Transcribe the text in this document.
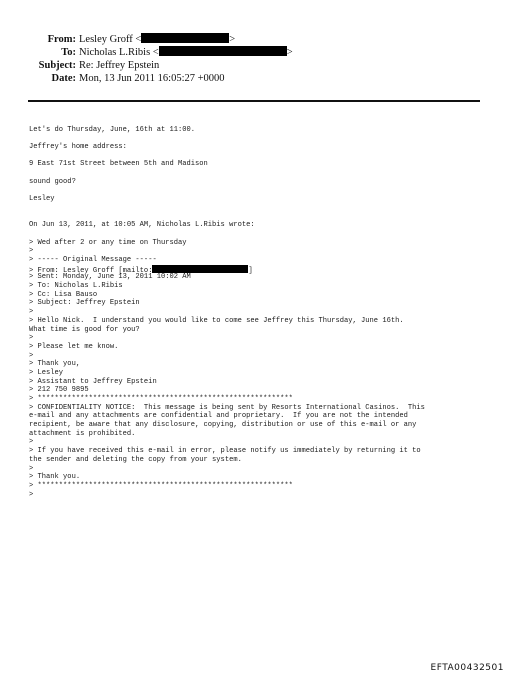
From: Lesley Groff <	>
To: Nicholas L.Ribis <	>
Subject: Re: Jeffrey Epstein
Date: Mon, 13 Jun 2011 16:05:27 +0000

Let's do Thursday, June, 16th at 11:00.
Jeffrey's home address:
9 East 71st Street between 5th and Madison
sound good?
Lesley
On Jun 13, 2011, at 10:05 AM, Nicholas L.Ribis wrote:
> Wed after 2 or any time on Thursday
>
> ----- Original Message -----
> From: Lesley Groff [mailto:	]
> Sent: Monday, June 13, 2011 10:02 AM
> To: Nicholas L.Ribis
> Cc: Lisa Bauso
> Subject: Jeffrey Epstein
>
> Hello Nick.  I understand you would like to come see Jeffrey this Thursday, June 16th.
What time is good for you?
>
> Please let me know.
>
> Thank you,
> Lesley
> Assistant to Jeffrey Epstein
> 212 750 9895
> ************************************************************
> CONFIDENTIALITY NOTICE:  This message is being sent by Resorts International Casinos.  This
e-mail and any attachments are confidential and proprietary.  If you are not the intended
recipient, be aware that any disclosure, copying, distribution or use of this e-mail or any
attachment is prohibited.
>
> If you have received this e-mail in error, please notify us immediately by returning it to
the sender and deleting the copy from your system.
>
> Thank you.
> ************************************************************
>

EFTA00432501
